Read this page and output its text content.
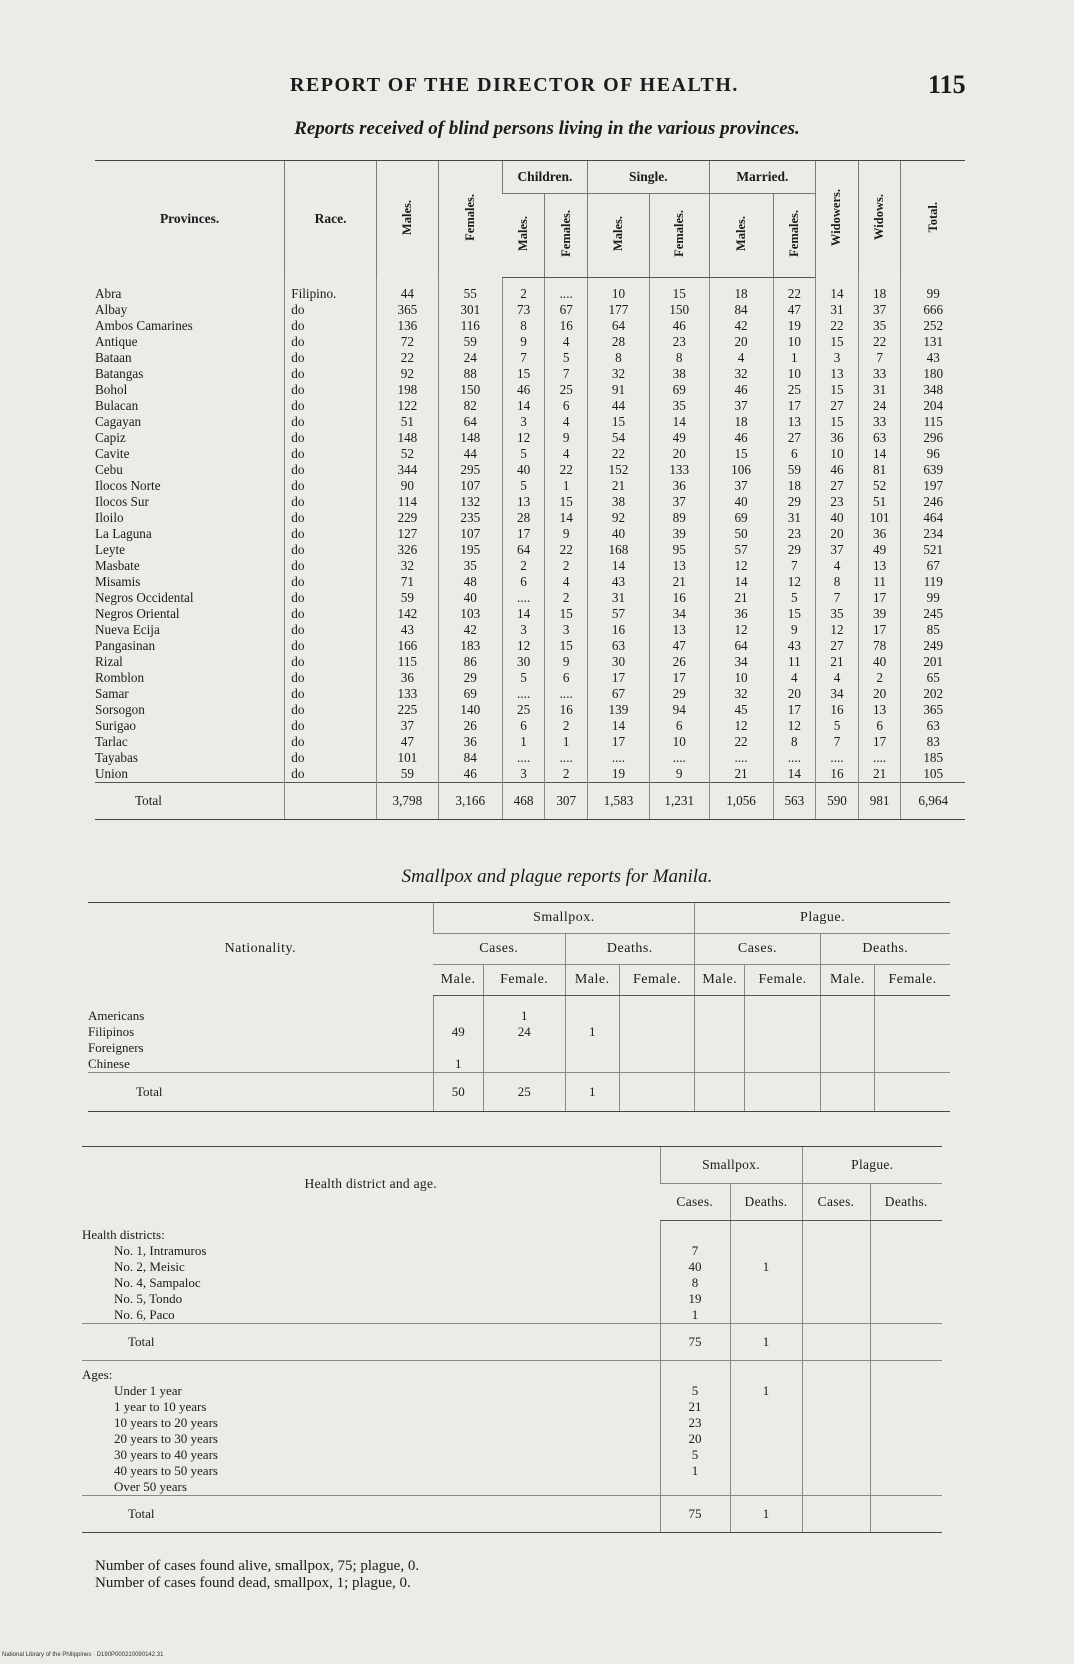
REPORT OF THE DIRECTOR OF HEALTH.	115
Reports received of blind persons living in the various provinces.
Provinces.	Race.	Males.	Females.	Children.		Single.		Married.		Widowers.	Widows.	Total.
				Males.	Females.	Males.	Females.	Males.	Females.			
Abra	Filipino.	44	55	2	....	10	15	18	22	14	18	99
Albay	do	365	301	73	67	177	150	84	47	31	37	666
Ambos Camarines	do	136	116	8	16	64	46	42	19	22	35	252
Antique	do	72	59	9	4	28	23	20	10	15	22	131
Bataan	do	22	24	7	5	8	8	4	1	3	7	43
Batangas	do	92	88	15	7	32	38	32	10	13	33	180
Bohol	do	198	150	46	25	91	69	46	25	15	31	348
Bulacan	do	122	82	14	6	44	35	37	17	27	24	204
Cagayan	do	51	64	3	4	15	14	18	13	15	33	115
Capiz	do	148	148	12	9	54	49	46	27	36	63	296
Cavite	do	52	44	5	4	22	20	15	6	10	14	96
Cebu	do	344	295	40	22	152	133	106	59	46	81	639
Ilocos Norte	do	90	107	5	1	21	36	37	18	27	52	197
Ilocos Sur	do	114	132	13	15	38	37	40	29	23	51	246
Iloilo	do	229	235	28	14	92	89	69	31	40	101	464
La Laguna	do	127	107	17	9	40	39	50	23	20	36	234
Leyte	do	326	195	64	22	168	95	57	29	37	49	521
Masbate	do	32	35	2	2	14	13	12	7	4	13	67
Misamis	do	71	48	6	4	43	21	14	12	8	11	119
Negros Occidental	do	59	40	....	2	31	16	21	5	7	17	99
Negros Oriental	do	142	103	14	15	57	34	36	15	35	39	245
Nueva Ecija	do	43	42	3	3	16	13	12	9	12	17	85
Pangasinan	do	166	183	12	15	63	47	64	43	27	78	249
Rizal	do	115	86	30	9	30	26	34	11	21	40	201
Romblon	do	36	29	5	6	17	17	10	4	4	2	65
Samar	do	133	69	....	....	67	29	32	20	34	20	202
Sorsogon	do	225	140	25	16	139	94	45	17	16	13	365
Surigao	do	37	26	6	2	14	6	12	12	5	6	63
Tarlac	do	47	36	1	1	17	10	22	8	7	17	83
Tayabas	do	101	84	....	....	....	....	....	....	....	....	185
Union	do	59	46	3	2	19	9	21	14	16	21	105
Total		3,798	3,166	468	307	1,583	1,231	1,056	563	590	981	6,964
Smallpox and plague reports for Manila.
Nationality.	Smallpox.				Plague.			
	Cases.		Deaths.		Cases.		Deaths.	
	Male.	Female.	Male.	Female.	Male.	Female.	Male.	Female.
Americans		1						
Filipinos	49	24	1					
Foreigners								
Chinese	1							
Total	50	25	1					
Health district and age.	Smallpox.		Plague.	
	Cases.	Deaths.	Cases.	Deaths.
Health districts:				
No. 1, Intramuros	7			
No. 2, Meisic	40	1		
No. 4, Sampaloc	8			
No. 5, Tondo	19			
No. 6, Paco	1			
Total	75	1		
Ages:				
Under 1 year	5	1		
1 year to 10 years	21			
10 years to 20 years	23			
20 years to 30 years	20			
30 years to 40 years	5			
40 years to 50 years	1			
Over 50 years				
Total	75	1		
Number of cases found alive, smallpox, 75; plague, 0.
Number of cases found dead, smallpox, 1; plague, 0.
National Library of the Philippines · D190P000210090142.31
